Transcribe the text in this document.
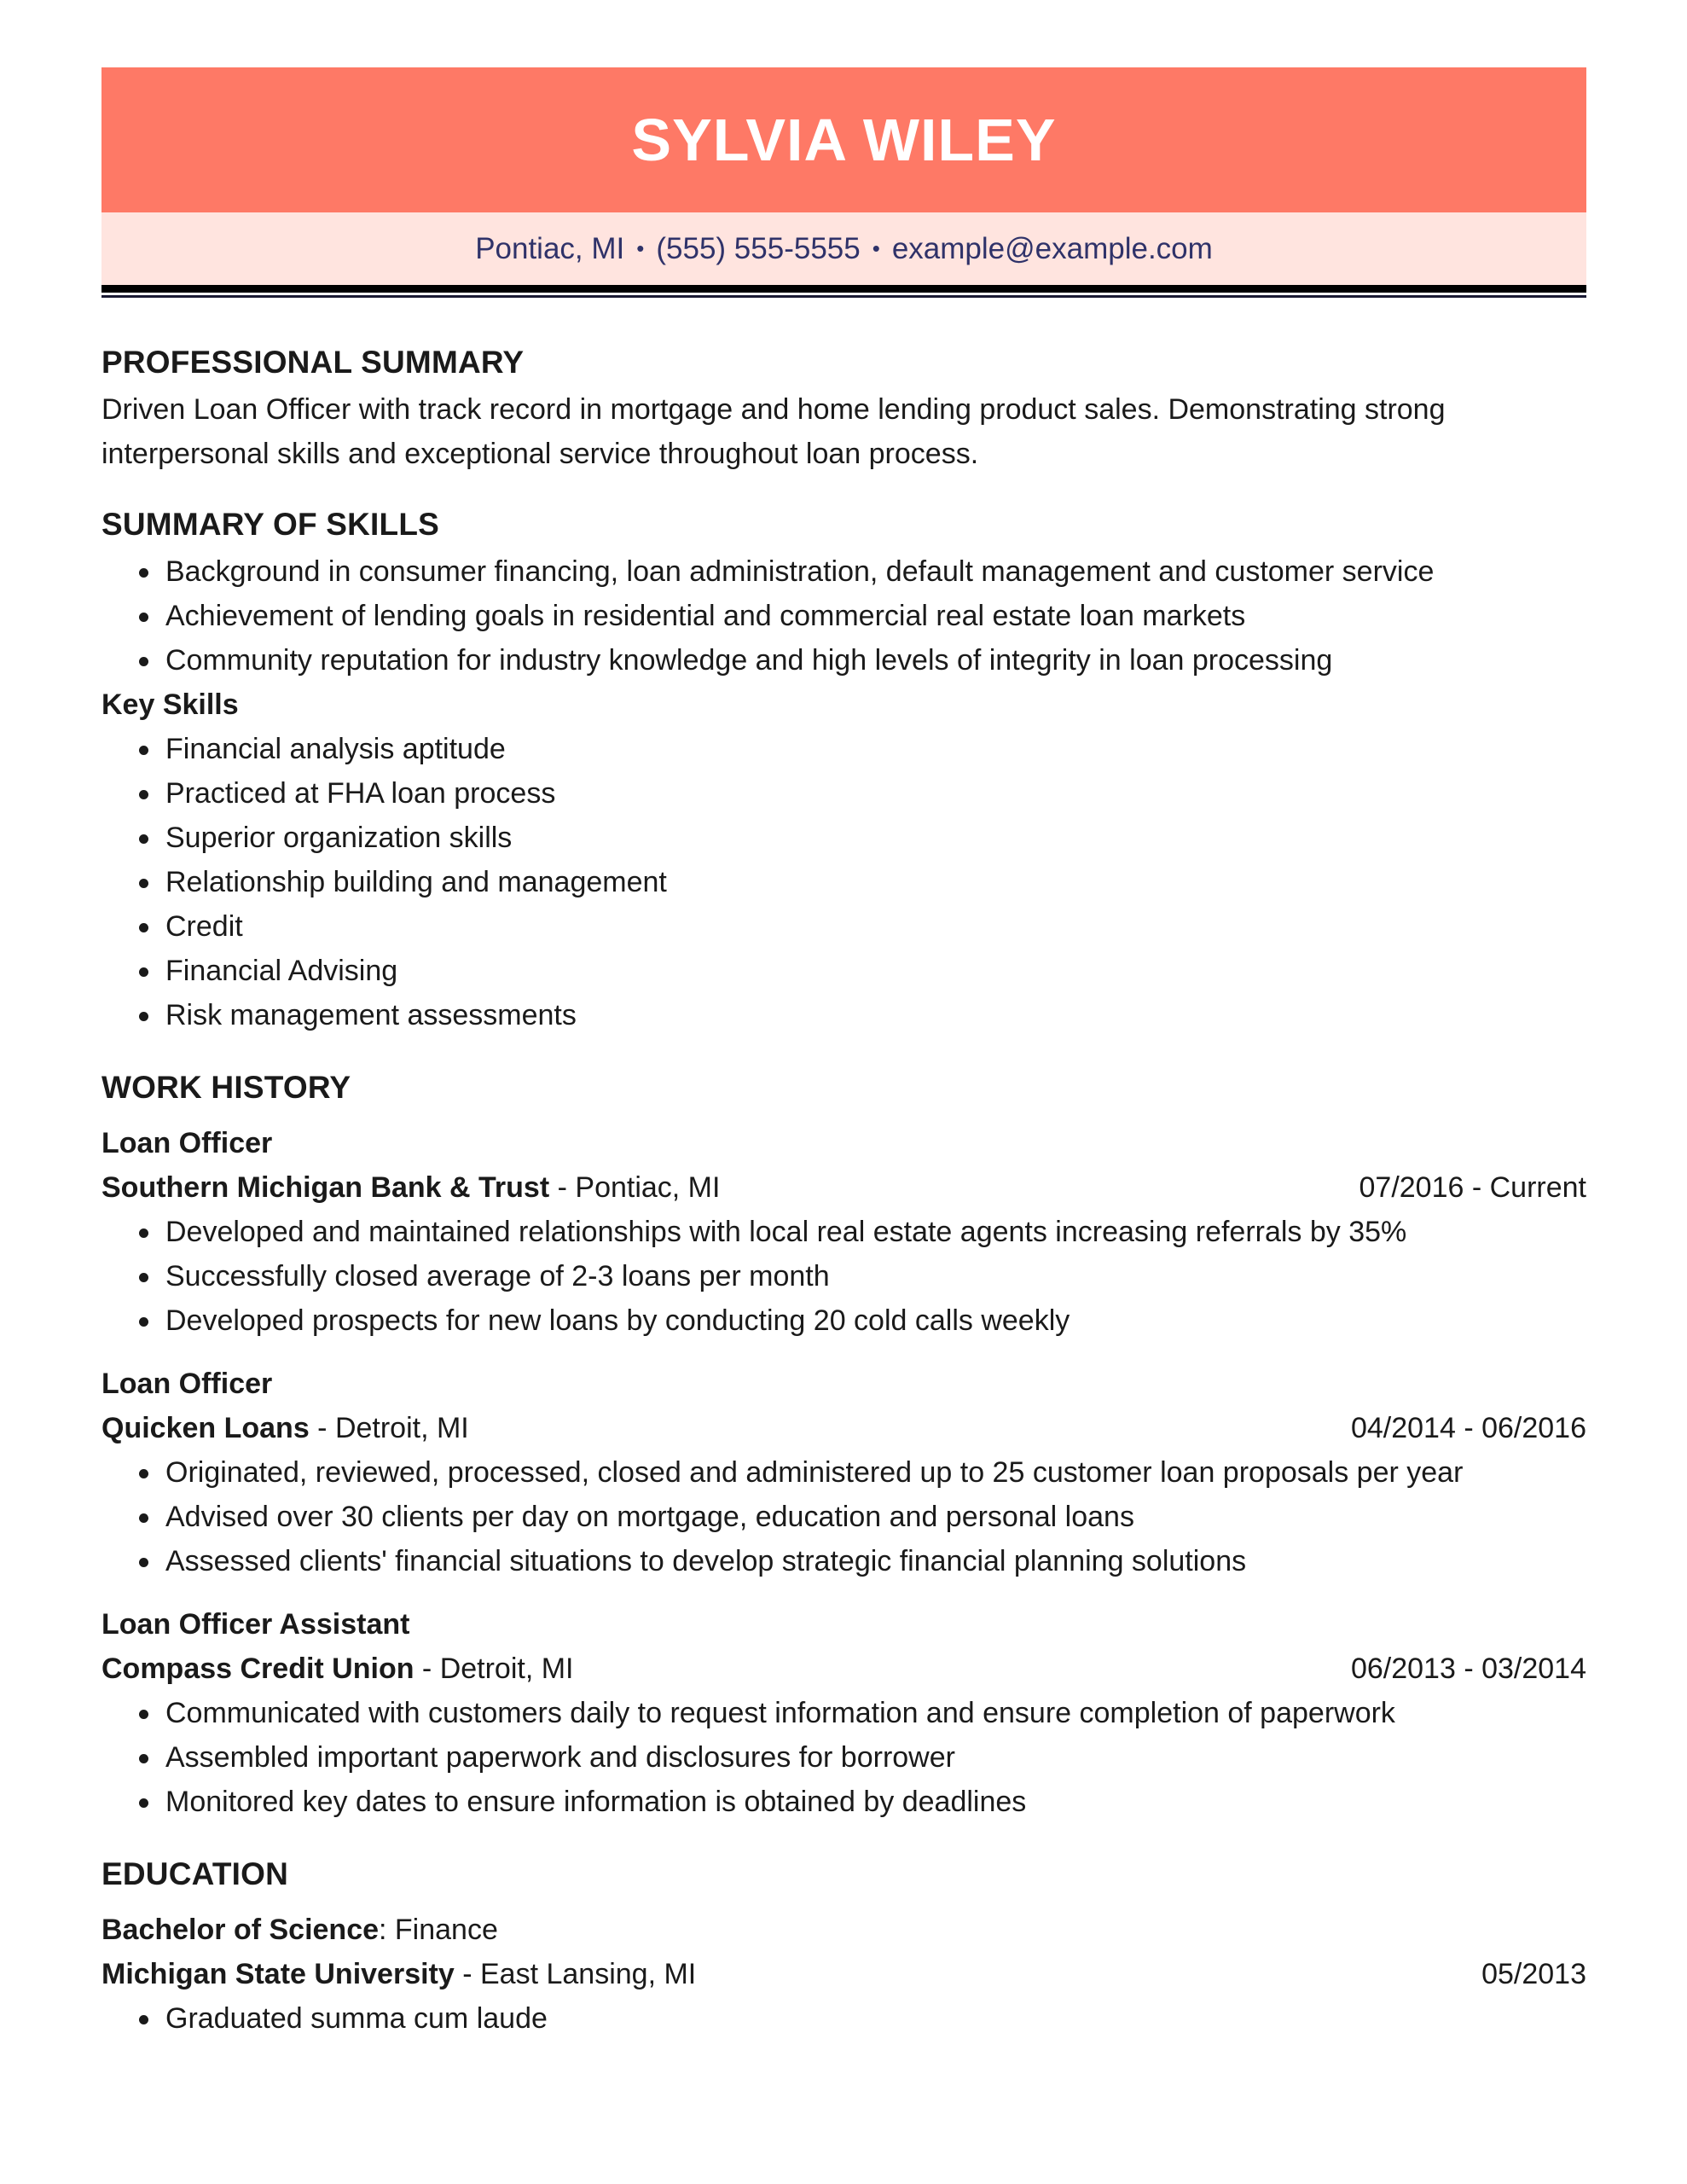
SYLVIA WILEY
Pontiac, MI • (555) 555-5555 • example@example.com
PROFESSIONAL SUMMARY

Driven Loan Officer with track record in mortgage and home lending product sales. Demonstrating strong interpersonal skills and exceptional service throughout loan process.

SUMMARY OF SKILLS
Background in consumer financing, loan administration, default management and customer service
Achievement of lending goals in residential and commercial real estate loan markets
Community reputation for industry knowledge and high levels of integrity in loan processing
Key Skills
Financial analysis aptitude
Practiced at FHA loan process
Superior organization skills
Relationship building and management
Credit
Financial Advising
Risk management assessments
WORK HISTORY
Loan Officer
Southern Michigan Bank & Trust - Pontiac, MI	07/2016 - Current
Developed and maintained relationships with local real estate agents increasing referrals by 35%
Successfully closed average of 2-3 loans per month
Developed prospects for new loans by conducting 20 cold calls weekly
Loan Officer
Quicken Loans - Detroit, MI	04/2014 - 06/2016
Originated, reviewed, processed, closed and administered up to 25 customer loan proposals per year
Advised over 30 clients per day on mortgage, education and personal loans
Assessed clients' financial situations to develop strategic financial planning solutions
Loan Officer Assistant
Compass Credit Union - Detroit, MI	06/2013 - 03/2014
Communicated with customers daily to request information and ensure completion of paperwork
Assembled important paperwork and disclosures for borrower
Monitored key dates to ensure information is obtained by deadlines
EDUCATION
Bachelor of Science: Finance
Michigan State University - East Lansing, MI	05/2013
Graduated summa cum laude
